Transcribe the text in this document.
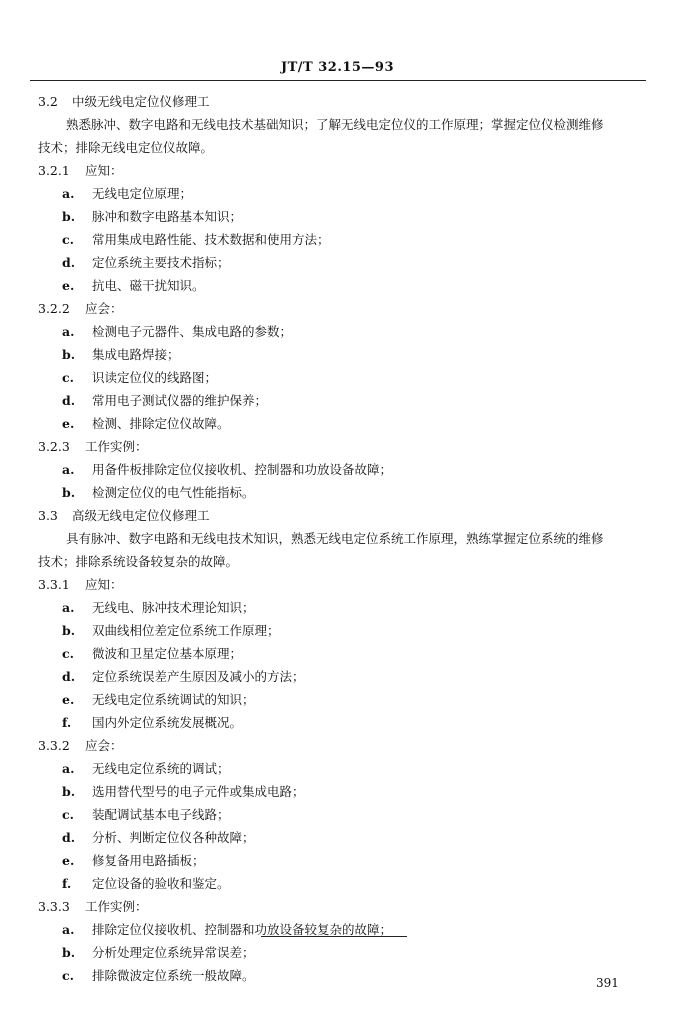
JT/T 32.15—93
3.2 中级无线电定位仪修理工
熟悉脉冲、数字电路和无线电技术基础知识；了解无线电定位仪的工作原理；掌握定位仪检测维修
技术；排除无线电定位仪故障。
3.2.1 应知：
a. 无线电定位原理；
b. 脉冲和数字电路基本知识；
c. 常用集成电路性能、技术数据和使用方法；
d. 定位系统主要技术指标；
e. 抗电、磁干扰知识。
3.2.2 应会：
a. 检测电子元器件、集成电路的参数；
b. 集成电路焊接；
c. 识读定位仪的线路图；
d. 常用电子测试仪器的维护保养；
e. 检测、排除定位仪故障。
3.2.3 工作实例：
a. 用备件板排除定位仪接收机、控制器和功放设备故障；
b. 检测定位仪的电气性能指标。
3.3 高级无线电定位仪修理工
具有脉冲、数字电路和无线电技术知识，熟悉无线电定位系统工作原理，熟练掌握定位系统的维修
技术；排除系统设备较复杂的故障。
3.3.1 应知：
a. 无线电、脉冲技术理论知识；
b. 双曲线相位差定位系统工作原理；
c. 微波和卫星定位基本原理；
d. 定位系统误差产生原因及减小的方法；
e. 无线电定位系统调试的知识；
f. 国内外定位系统发展概况。
3.3.2 应会：
a. 无线电定位系统的调试；
b. 选用替代型号的电子元件或集成电路；
c. 装配调试基本电子线路；
d. 分析、判断定位仪各种故障；
e. 修复备用电路插板；
f. 定位设备的验收和鉴定。
3.3.3 工作实例：
a. 排除定位仪接收机、控制器和功放设备较复杂的故障；
b. 分析处理定位系统异常误差；
c. 排除微波定位系统一般故障。	391
